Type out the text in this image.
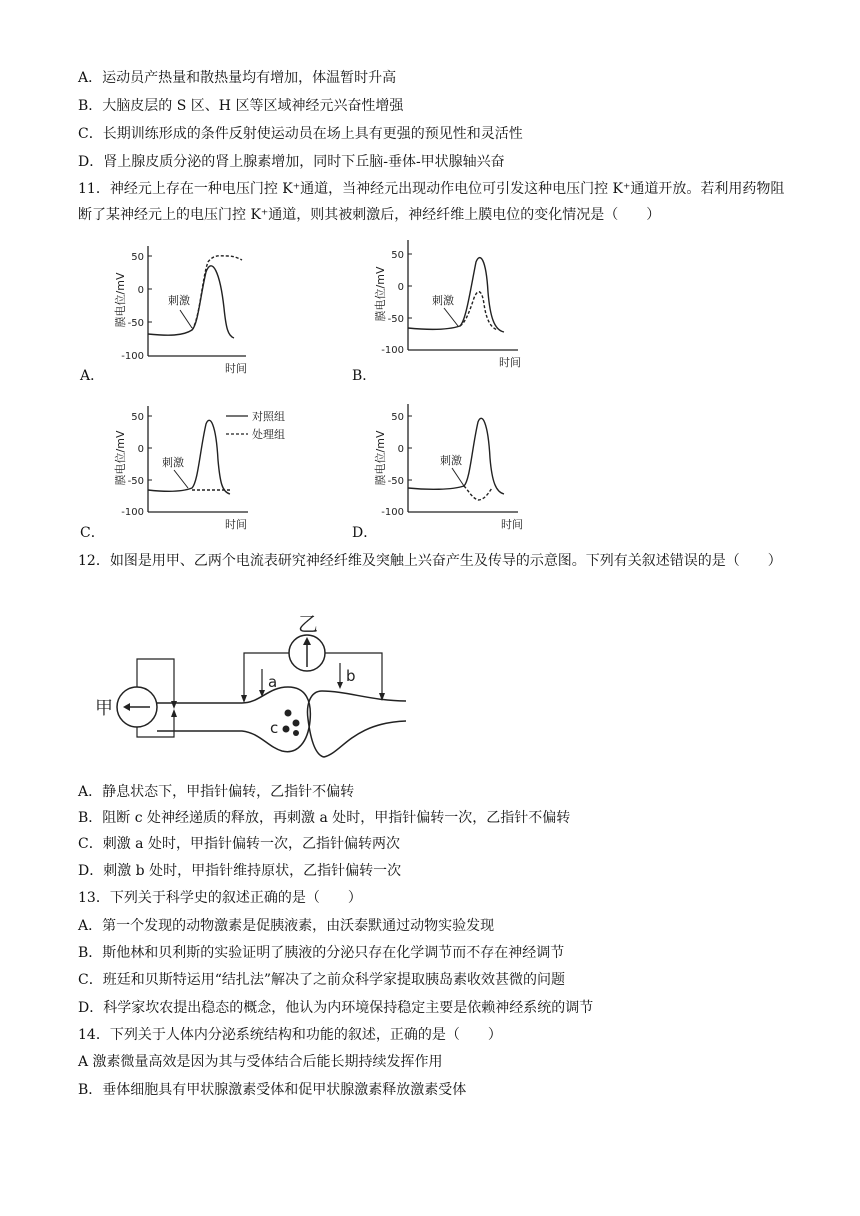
A．运动员产热量和散热量均有增加，体温暂时升高
B．大脑皮层的 S 区、H 区等区域神经元兴奋性增强
C．长期训练形成的条件反射使运动员在场上具有更强的预见性和灵活性
D．肾上腺皮质分泌的肾上腺素增加，同时下丘脑-垂体-甲状腺轴兴奋
11．神经元上存在一种电压门控 K⁺通道，当神经元出现动作电位可引发这种电压门控 K⁺通道开放。若利用药物阻断了某神经元上的电压门控 K⁺通道，则其被刺激后，神经纤维上膜电位的变化情况是（　　）
50
0
-50
-100
膜电位/mV
时间
刺激
A．
50
0
-50
-100
膜电位/mV
时间
刺激
B．
50
0
-50
-100
膜电位/mV
时间
刺激
对照组
处理组
C．
50
0
-50
-100
膜电位/mV
时间
刺激
D．
12．如图是用甲、乙两个电流表研究神经纤维及突触上兴奋产生及传导的示意图。下列有关叙述错误的是（　　）
甲
c
乙
a	b
A．静息状态下，甲指针偏转，乙指针不偏转
B．阻断 c 处神经递质的释放，再刺激 a 处时，甲指针偏转一次，乙指针不偏转
C．刺激 a 处时，甲指针偏转一次，乙指针偏转两次
D．刺激 b 处时，甲指针维持原状，乙指针偏转一次
13．下列关于科学史的叙述正确的是（　　）
A．第一个发现的动物激素是促胰液素，由沃泰默通过动物实验发现
B．斯他林和贝利斯的实验证明了胰液的分泌只存在化学调节而不存在神经调节
C．班廷和贝斯特运用“结扎法”解决了之前众科学家提取胰岛素收效甚微的问题
D．科学家坎农提出稳态的概念，他认为内环境保持稳定主要是依赖神经系统的调节
14．下列关于人体内分泌系统结构和功能的叙述，正确的是（　　）
A 激素微量高效是因为其与受体结合后能长期持续发挥作用
B．垂体细胞具有甲状腺激素受体和促甲状腺激素释放激素受体
